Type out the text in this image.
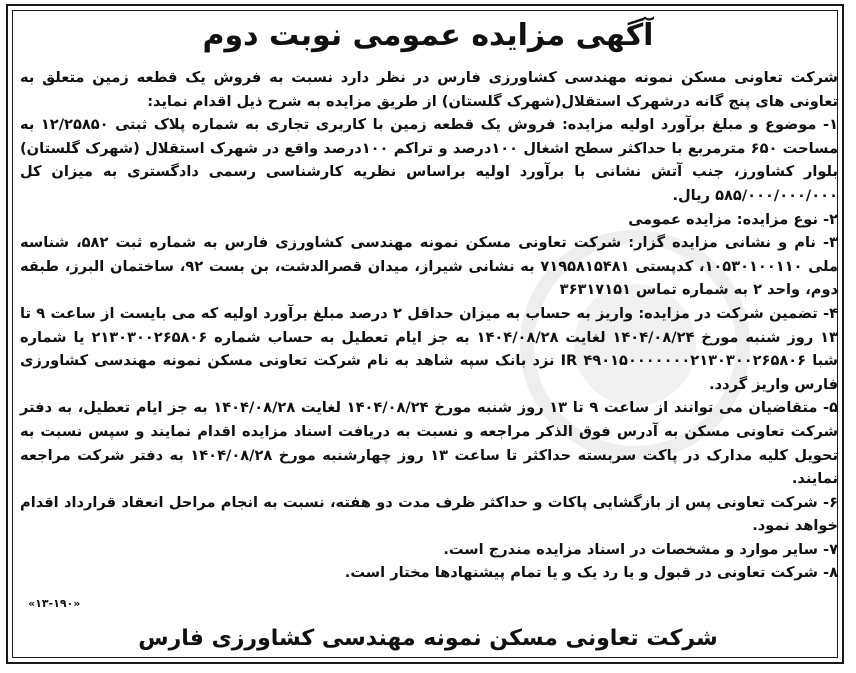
آگهی مزایده عمومی نوبت دوم

شرکت تعاونی مسکن نمونه مهندسی کشاورزی فارس در نظر دارد نسبت به فروش یک قطعه زمین متعلق به تعاونی های پنج گانه درشهرک استقلال(شهرک گلستان) از طریق مزایده به شرح ذیل اقدام نماید:

۱- موضوع و مبلغ برآورد اولیه مزایده: فروش یک قطعه زمین با کاربری تجاری به شماره پلاک ثبتی ۱۲/۲۵۸۵۰ به مساحت ۶۵۰ مترمربع با حداکثر سطح اشغال ۱۰۰درصد و تراکم ۱۰۰درصد واقع در شهرک استقلال (شهرک گلستان) بلوار کشاورز، جنب آتش نشانی با برآورد اولیه براساس نظریه کارشناسی رسمی دادگستری به میزان کل ۵۸۵/۰۰۰/۰۰۰/۰۰۰ ریال.

۲- نوع مزایده: مزایده عمومی

۳- نام و نشانی مزایده گزار: شرکت تعاونی مسکن نمونه مهندسی کشاورزی فارس به شماره ثبت ۵۸۲، شناسه ملی ۱۰۵۳۰۱۰۰۱۱۰، کدپستی ۷۱۹۵۸۱۵۴۸۱ به نشانی شیراز، میدان قصرالدشت، بن بست ۹۲، ساختمان البرز، طبقه دوم، واحد ۲ به شماره تماس ۳۶۳۱۷۱۵۱

۴- تضمین شرکت در مزایده: واریز به حساب به میزان حداقل ۲ درصد مبلغ برآورد اولیه که می بایست از ساعت ۹ تا ۱۳ روز شنبه مورخ ۱۴۰۴/۰۸/۲۴ لغایت ۱۴۰۴/۰۸/۲۸ به جز ایام تعطیل به حساب شماره ۲۱۳۰۳۰۰۲۶۵۸۰۶ یا شماره شبا IR ۴۹۰۱۵۰۰۰۰۰۰۰۲۱۳۰۳۰۰۲۶۵۸۰۶ نزد بانک سپه شاهد به نام شرکت تعاونی مسکن نمونه مهندسی کشاورزی فارس واریز گردد.

۵- متقاضیان می توانند از ساعت ۹ تا ۱۳ روز شنبه مورخ ۱۴۰۴/۰۸/۲۴ لغایت ۱۴۰۴/۰۸/۲۸ به جز ایام تعطیل، به دفتر شرکت تعاونی مسکن به آدرس فوق الذکر مراجعه و نسبت به دریافت اسناد مزایده اقدام نمایند و سپس نسبت به تحویل کلیه مدارک در پاکت سربسته حداکثر تا ساعت ۱۳ روز چهارشنبه مورخ ۱۴۰۴/۰۸/۲۸ به دفتر شرکت مراجعه نمایند.

۶- شرکت تعاونی پس از بازگشایی پاکات و حداکثر ظرف مدت دو هفته، نسبت به انجام مراحل انعقاد قرارداد اقدام خواهد نمود.

۷- سایر موارد و مشخصات در اسناد مزایده مندرج است.

۸- شرکت تعاونی در قبول و یا رد یک و یا تمام پیشنهادها مختار است.

«۱۳-۱۹۰»
شرکت تعاونی مسکن نمونه مهندسی کشاورزی فارس
